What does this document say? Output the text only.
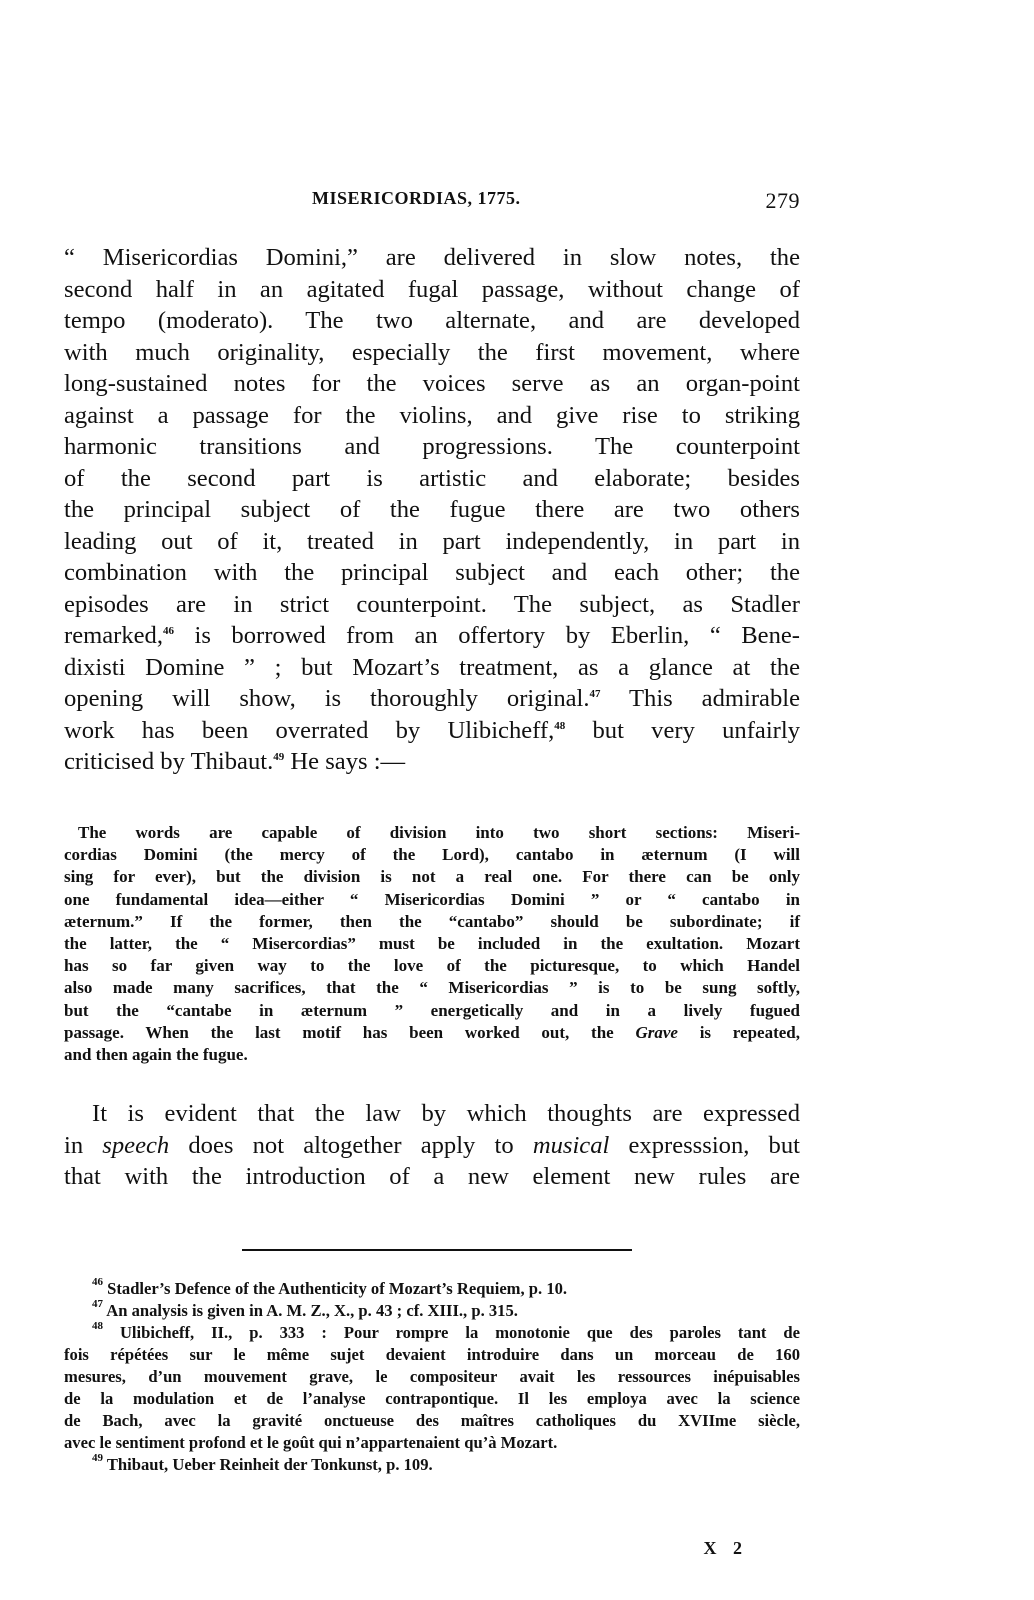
MISERICORDIAS, 1775.	279
“ Misericordias Domini,” are delivered in slow notes, the
second half in an agitated fugal passage, without change of
tempo (moderato). The two alternate, and are developed
with much originality, especially the first movement, where
long-sustained notes for the voices serve as an organ-point
against a passage for the violins, and give rise to striking
harmonic transitions and progressions. The counterpoint
of the second part is artistic and elaborate; besides
the principal subject of the fugue there are two others
leading out of it, treated in part independently, in part in
combination with the principal subject and each other; the
episodes are in strict counterpoint. The subject, as Stadler
remarked,$^{46}$ is borrowed from an offertory by Eberlin, “ Bene-
dixisti Domine ” ; but Mozart’s treatment, as a glance at the
opening will show, is thoroughly original.$^{47}$ This admirable
work has been overrated by Ulibicheff,$^{48}$ but very unfairly
criticised by Thibaut.$^{49}$ He says :—
The words are capable of division into two short sections: Miseri-
cordias Domini (the mercy of the Lord), cantabo in æternum (I will
sing for ever), but the division is not a real one. For there can be only
one fundamental idea—either “ Misericordias Domini ” or “ cantabo in
æternum.” If the former, then the “cantabo” should be subordinate; if
the latter, the “ Misercordias” must be included in the exultation. Mozart
has so far given way to the love of the picturesque, to which Handel
also made many sacrifices, that the “ Misericordias ” is to be sung softly,
but the “cantabe in æternum ” energetically and in a lively fugued
passage. When the last motif has been worked out, the Grave is repeated,
and then again the fugue.
It is evident that the law by which thoughts are expressed
in speech does not altogether apply to musical expresssion, but
that with the introduction of a new element new rules are
$^{46}$ Stadler’s Defence of the Authenticity of Mozart’s Requiem, p. 10.
$^{47}$ An analysis is given in A. M. Z., X., p. 43 ; cf. XIII., p. 315.
$^{48}$ Ulibicheff, II., p. 333 : Pour rompre la monotonie que des paroles tant de
fois répétées sur le même sujet devaient introduire dans un morceau de 160
mesures, d’un mouvement grave, le compositeur avait les ressources inépuisables
de la modulation et de l’analyse contrapontique. Il les employa avec la science
de Bach, avec la gravité onctueuse des maîtres catholiques du XVIIme siècle,
avec le sentiment profond et le goût qui n’appartenaient qu’à Mozart.
$^{49}$ Thibaut, Ueber Reinheit der Tonkunst, p. 109.
X 2
